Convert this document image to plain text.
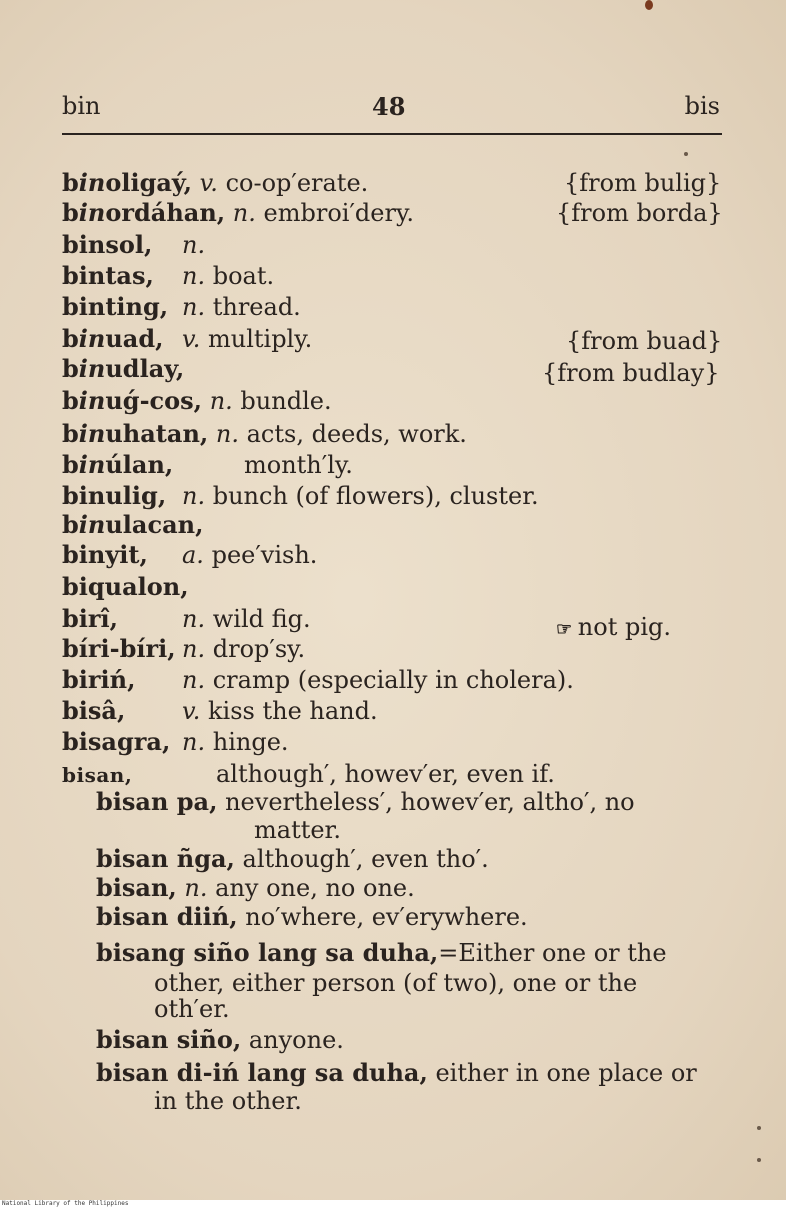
bin	48	bis
binoligaý, v. co-op′erate.	{from bulig}
binordáhan, n. embroi′dery.	{from borda}
binsol, n.
bintas, n. boat.
binting, n. thread.
binuad, v. multiply.	{from buad}
binudlay,	{from budlay}
binuǵ-cos, n. bundle.
binuhatan, n. acts, deeds, work.
binúlan,	month′ly.
binulig, n. bunch (of flowers), cluster.
binulacan,
binyit, a. pee′vish.
biqualon,
birî,	n. wild fig.	☞ not pig.
bíri-bíri, n. drop′sy.
biriń, n. cramp (especially in cholera).
bisâ, v. kiss the hand.
bisagra, n. hinge.
bisan,	although′, howev′er, even if.
bisan pa, nevertheless′, howev′er, altho′, no
matter.
bisan ñga, although′, even tho′.
bisan, n. any one, no one.
bisan diiń, no′where, ev′erywhere.
bisang siño lang sa duha,=Either one or the
other, either person (of two), one or the
oth′er.
bisan siño, anyone.
bisan di-iń lang sa duha, either in one place or
in the other.
National Library of the Philippines
